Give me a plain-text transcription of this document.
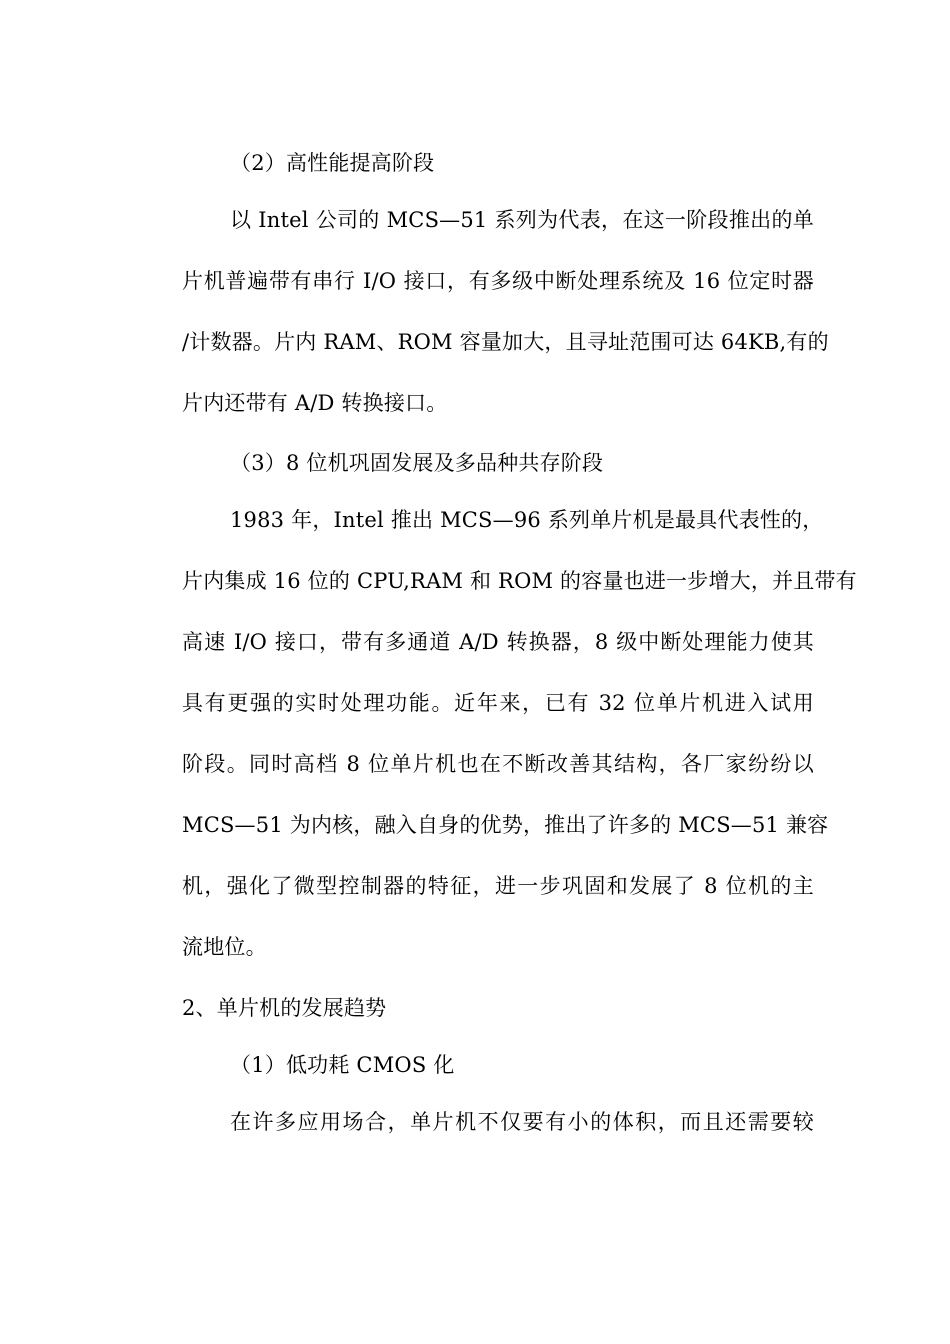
（2）高性能提高阶段
以 Intel 公司的 MCS—51 系列为代表，在这一阶段推出的单
片机普遍带有串行 I/O 接口，有多级中断处理系统及 16 位定时器
/计数器。片内 RAM、ROM 容量加大，且寻址范围可达 64KB,有的
片内还带有 A/D 转换接口。
（3）8 位机巩固发展及多品种共存阶段
1983 年，Intel 推出 MCS—96 系列单片机是最具代表性的，
片内集成 16 位的 CPU,RAM 和 ROM 的容量也进一步增大，并且带有
高速 I/O 接口，带有多通道 A/D 转换器，8 级中断处理能力使其
具有更强的实时处理功能。近年来，已有 32 位单片机进入试用
阶段。同时高档 8 位单片机也在不断改善其结构，各厂家纷纷以
MCS—51 为内核，融入自身的优势，推出了许多的 MCS—51 兼容
机，强化了微型控制器的特征，进一步巩固和发展了 8 位机的主
流地位。
2、单片机的发展趋势
（1）低功耗 CMOS 化
在许多应用场合，单片机不仅要有小的体积，而且还需要较
